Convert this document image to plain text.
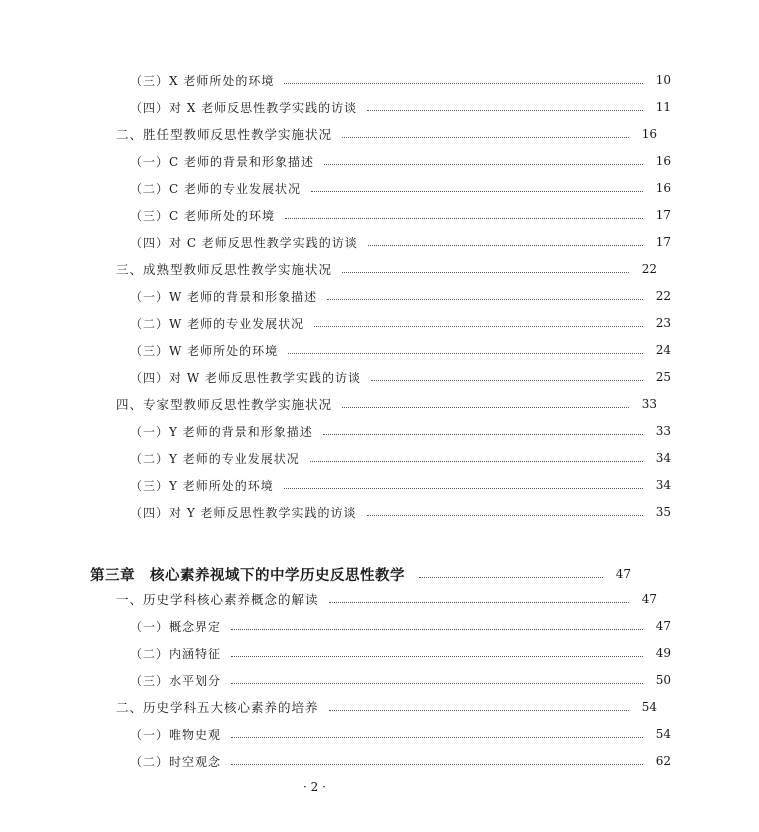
（三）X 老师所处的环境	10
（四）对 X 老师反思性教学实践的访谈	11
二、胜任型教师反思性教学实施状况	16
（一）C 老师的背景和形象描述	16
（二）C 老师的专业发展状况	16
（三）C 老师所处的环境	17
（四）对 C 老师反思性教学实践的访谈	17
三、成熟型教师反思性教学实施状况	22
（一）W 老师的背景和形象描述	22
（二）W 老师的专业发展状况	23
（三）W 老师所处的环境	24
（四）对 W 老师反思性教学实践的访谈	25
四、专家型教师反思性教学实施状况	33
（一）Y 老师的背景和形象描述	33
（二）Y 老师的专业发展状况	34
（三）Y 老师所处的环境	34
（四）对 Y 老师反思性教学实践的访谈	35
第三章　核心素养视域下的中学历史反思性教学	47
一、历史学科核心素养概念的解读	47
（一）概念界定	47
（二）内涵特征	49
（三）水平划分	50
二、历史学科五大核心素养的培养	54
（一）唯物史观	54
（二）时空观念	62
· 2 ·
